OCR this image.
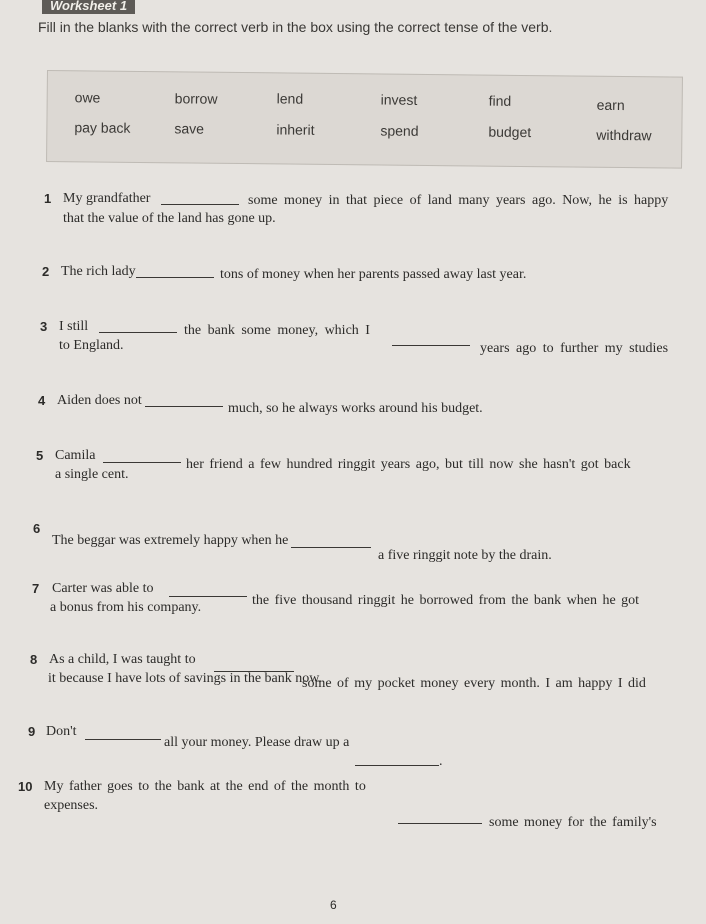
Worksheet 1
Fill in the blanks with the correct verb in the box using the correct tense of the verb.
owe	borrow	lend	invest	find	earn
pay back	save	inherit	spend	budget	withdraw
1 My grandfather	some money in that piece of land many years ago. Now, he is happy
that the value of the land has gone up.
2 The rich lady	tons of money when her parents passed away last year.
3 I still	the bank some money, which I
years ago to further my studies
to England.
4 Aiden does not
much, so he always works around his budget.
5 Camila
her friend a few hundred ringgit years ago, but till now she hasn't got back
a single cent.
6
The beggar was extremely happy when he
a five ringgit note by the drain.
7 Carter was able to
the five thousand ringgit he borrowed from the bank when he got
a bonus from his company.
8 As a child, I was taught to
some of my pocket money every month. I am happy I did
it because I have lots of savings in the bank now.
9 Don't
all your money. Please draw up a
.
10 My father goes to the bank at the end of the month to
some money for the family's
expenses.
6
